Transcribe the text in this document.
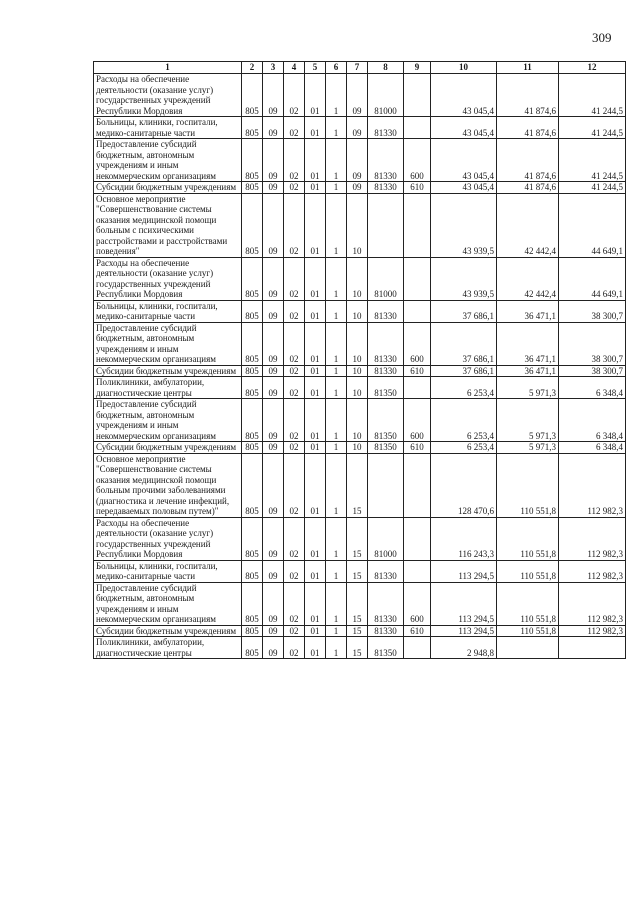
309
1	2	3	4	5	6	7	8	9	10	11	12
Расходы на обеспечение деятельности (оказание услуг) государственных учреждений Республики Мордовия	805	09	02	01	1	09	81000		43 045,4	41 874,6	41 244,5
Больницы, клиники, госпитали, медико-санитарные части	805	09	02	01	1	09	81330		43 045,4	41 874,6	41 244,5
Предоставление субсидий бюджетным, автономным учреждениям и иным некоммерческим организациям	805	09	02	01	1	09	81330	600	43 045,4	41 874,6	41 244,5
Субсидии бюджетным учреждениям	805	09	02	01	1	09	81330	610	43 045,4	41 874,6	41 244,5
Основное мероприятие "Совершенствование системы оказания медицинской помощи больным с психическими расстройствами и расстройствами поведения"	805	09	02	01	1	10			43 939,5	42 442,4	44 649,1
Расходы на обеспечение деятельности (оказание услуг) государственных учреждений Республики Мордовия	805	09	02	01	1	10	81000		43 939,5	42 442,4	44 649,1
Больницы, клиники, госпитали, медико-санитарные части	805	09	02	01	1	10	81330		37 686,1	36 471,1	38 300,7
Предоставление субсидий бюджетным, автономным учреждениям и иным некоммерческим организациям	805	09	02	01	1	10	81330	600	37 686,1	36 471,1	38 300,7
Субсидии бюджетным учреждениям	805	09	02	01	1	10	81330	610	37 686,1	36 471,1	38 300,7
Поликлиники, амбулатории, диагностические центры	805	09	02	01	1	10	81350		6 253,4	5 971,3	6 348,4
Предоставление субсидий бюджетным, автономным учреждениям и иным некоммерческим организациям	805	09	02	01	1	10	81350	600	6 253,4	5 971,3	6 348,4
Субсидии бюджетным учреждениям	805	09	02	01	1	10	81350	610	6 253,4	5 971,3	6 348,4
Основное мероприятие "Совершенствование системы оказания медицинской помощи больным прочими заболеваниями (диагностика и лечение инфекций, передаваемых половым путем)"	805	09	02	01	1	15			128 470,6	110 551,8	112 982,3
Расходы на обеспечение деятельности (оказание услуг) государственных учреждений Республики Мордовия	805	09	02	01	1	15	81000		116 243,3	110 551,8	112 982,3
Больницы, клиники, госпитали, медико-санитарные части	805	09	02	01	1	15	81330		113 294,5	110 551,8	112 982,3
Предоставление субсидий бюджетным, автономным учреждениям и иным некоммерческим организациям	805	09	02	01	1	15	81330	600	113 294,5	110 551,8	112 982,3
Субсидии бюджетным учреждениям	805	09	02	01	1	15	81330	610	113 294,5	110 551,8	112 982,3
Поликлиники, амбулатории, диагностические центры	805	09	02	01	1	15	81350		2 948,8		
